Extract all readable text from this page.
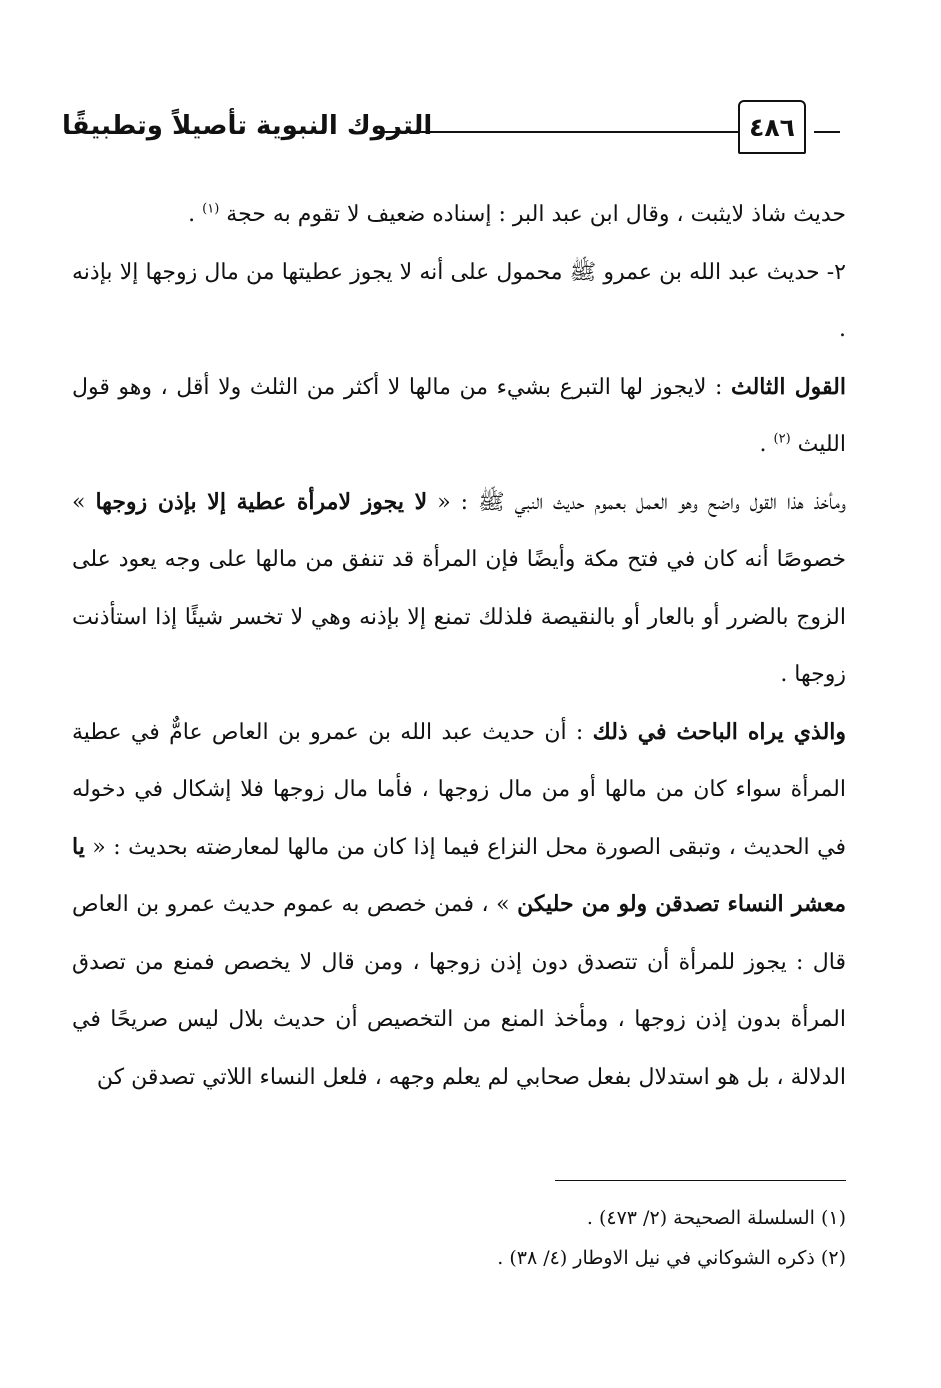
التروك النبوية تأصيلاً وتطبيقًا	٤٨٦

حديث شاذ لايثبت ، وقال ابن عبد البر : إسناده ضعيف لا تقوم به حجة $^{(١)}$ .

٢- حديث عبد الله بن عمرو ﷺ محمول على أنه لا يجوز عطيتها من مال زوجها إلا بإذنه .

القول الثالث : لايجوز لها التبرع بشيء من مالها لا أكثر من الثلث ولا أقل ، وهو قول الليث $^{(٢)}$ .

ومأخذ هذا القول واضح وهو العمل بعموم حديث النبي ﷺ : « لا يجوز لامرأة عطية إلا بإذن زوجها » خصوصًا أنه كان في فتح مكة وأيضًا فإن المرأة قد تنفق من مالها على وجه يعود على الزوج بالضرر أو بالعار أو بالنقيصة فلذلك تمنع إلا بإذنه وهي لا تخسر شيئًا إذا استأذنت زوجها .

والذي يراه الباحث في ذلك : أن حديث عبد الله بن عمرو بن العاص عامٌّ في عطية المرأة سواء كان من مالها أو من مال زوجها ، فأما مال زوجها فلا إشكال في دخوله في الحديث ، وتبقى الصورة محل النزاع فيما إذا كان من مالها لمعارضته بحديث : « يا معشر النساء تصدقن ولو من حليكن » ، فمن خصص به عموم حديث عمرو بن العاص قال : يجوز للمرأة أن تتصدق دون إذن زوجها ، ومن قال لا يخصص فمنع من تصدق المرأة بدون إذن زوجها ، ومأخذ المنع من التخصيص أن حديث بلال ليس صريحًا في الدلالة ، بل هو استدلال بفعل صحابي لم يعلم وجهه ، فلعل النساء اللاتي تصدقن كن

(١) السلسلة الصحيحة (٢/ ٤٧٣) .
(٢) ذكره الشوكاني في نيل الاوطار (٤/ ٣٨) .
